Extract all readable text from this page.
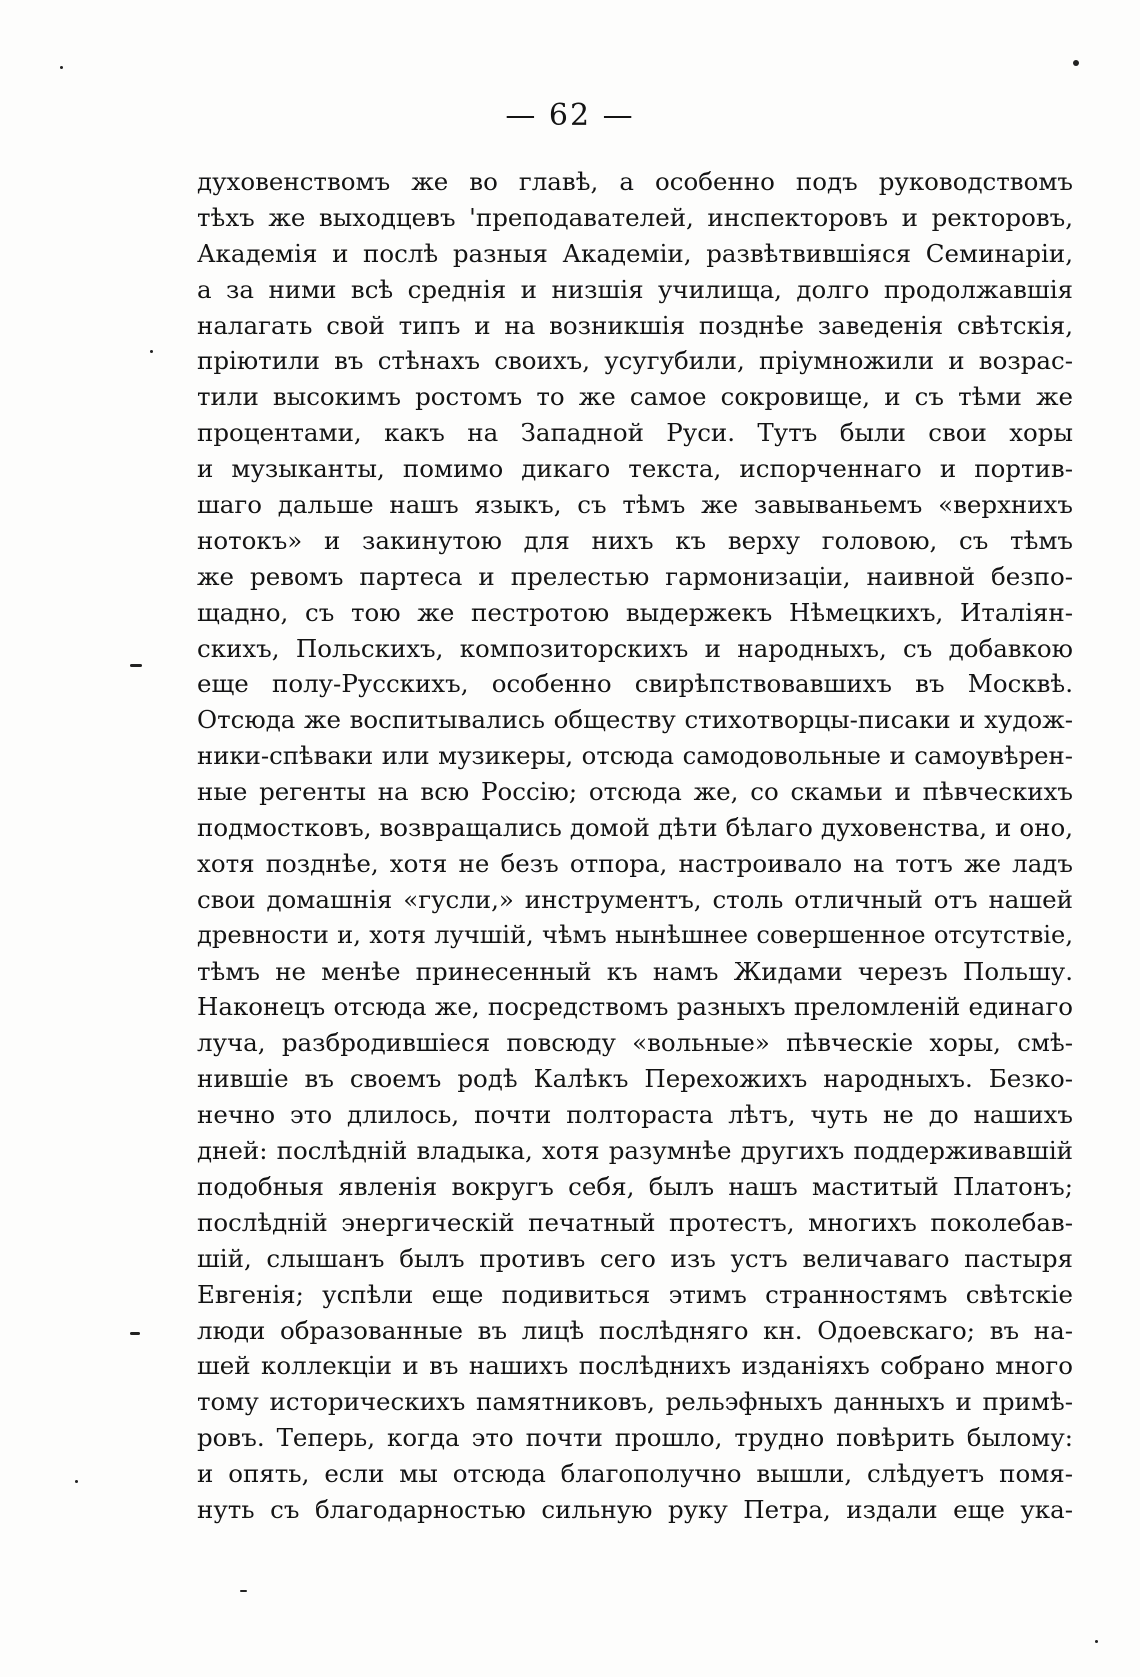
— 62 —
духовенствомъ же во главѣ, а особенно подъ руководствомъ
тѣхъ же выходцевъ 'преподавателей, инспекторовъ и ректоровъ,
Академія и послѣ разныя Академіи, развѣтвившіяся Семинаріи,
а за ними всѣ среднія и низшія училища, долго продолжавшія
налагать свой типъ и на возникшія позднѣе заведенія свѣтскія,
пріютили въ стѣнахъ своихъ, усугубили, пріумножили и возрас-
тили высокимъ ростомъ то же самое сокровище, и съ тѣми же
процентами, какъ на Западной Руси. Тутъ были свои хоры
и музыканты, помимо дикаго текста, испорченнаго и портив-
шаго дальше нашъ языкъ, съ тѣмъ же завываньемъ «верхнихъ
нотокъ» и закинутою для нихъ къ верху головою, съ тѣмъ
же ревомъ партеса и прелестью гармонизаціи, наивной безпо-
щадно, съ тою же пестротою выдержекъ Нѣмецкихъ, Италіян-
скихъ, Польскихъ, композиторскихъ и народныхъ, съ добавкою
еще полу-Русскихъ, особенно свирѣпствовавшихъ въ Москвѣ.
Отсюда же воспитывались обществу стихотворцы-писаки и худож-
ники-спѣваки или музикеры, отсюда самодовольные и самоувѣрен-
ные регенты на всю Россію; отсюда же, со скамьи и пѣвческихъ
подмостковъ, возвращались домой дѣти бѣлаго духовенства, и оно,
хотя позднѣе, хотя не безъ отпора, настроивало на тотъ же ладъ
свои домашнія «гусли,» инструментъ, столь отличный отъ нашей
древности и, хотя лучшій, чѣмъ нынѣшнее совершенное отсутствіе,
тѣмъ не менѣе принесенный къ намъ Жидами черезъ Польшу.
Наконецъ отсюда же, посредствомъ разныхъ преломленій единаго
луча, разбродившіеся повсюду «вольные» пѣвческіе хоры, смѣ-
нившіе въ своемъ родѣ Калѣкъ Перехожихъ народныхъ. Безко-
нечно это длилось, почти полтораста лѣтъ, чуть не до нашихъ
дней: послѣдній владыка, хотя разумнѣе другихъ поддерживавшій
подобныя явленія вокругъ себя, былъ нашъ маститый Платонъ;
послѣдній энергическій печатный протестъ, многихъ поколебав-
шій, слышанъ былъ противъ сего изъ устъ величаваго пастыря
Евгенія; успѣли еще подивиться этимъ странностямъ свѣтскіе
люди образованные въ лицѣ послѣдняго кн. Одоевскаго; въ на-
шей коллекціи и въ нашихъ послѣднихъ изданіяхъ собрано много
тому историческихъ памятниковъ, рельэфныхъ данныхъ и примѣ-
ровъ. Теперь, когда это почти прошло, трудно повѣрить былому:
и опять, если мы отсюда благополучно вышли, слѣдуетъ помя-
нуть съ благодарностью сильную руку Петра, издали еще ука-
